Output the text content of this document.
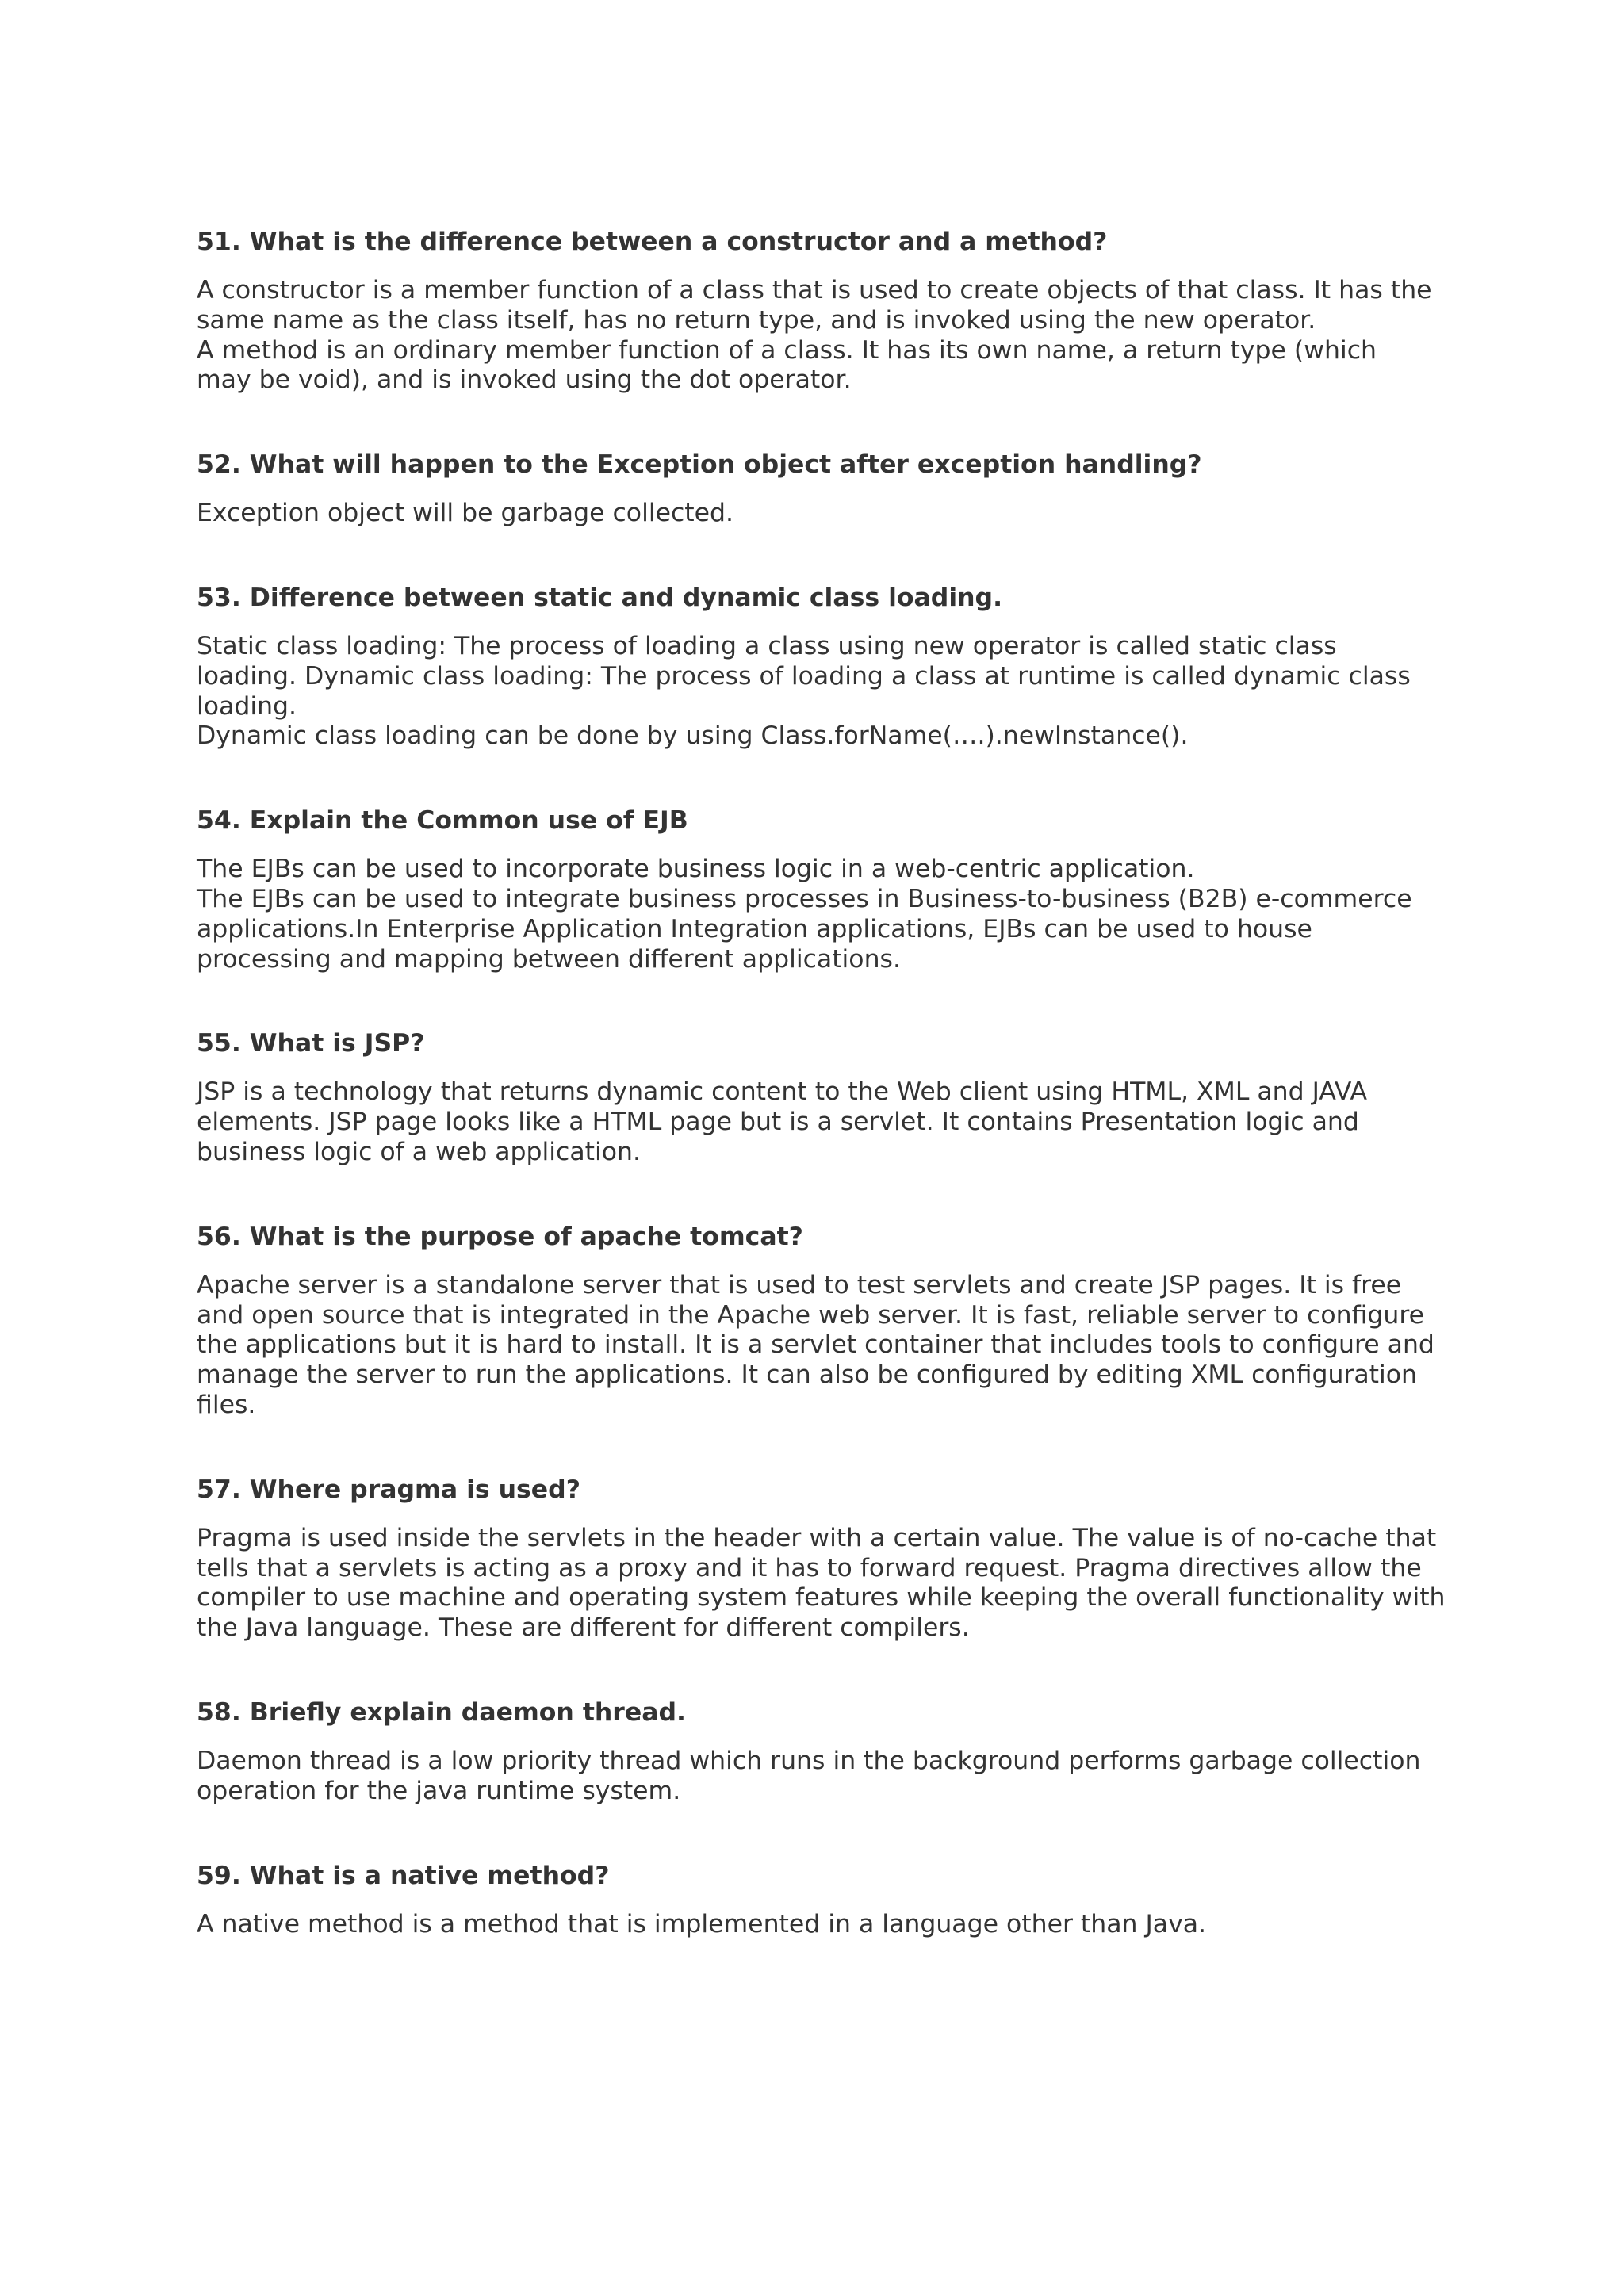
51. What is the difference between a constructor and a method?

A constructor is a member function of a class that is used to create objects of that class. It has the

same name as the class itself, has no return type, and is invoked using the new operator.

A method is an ordinary member function of a class. It has its own name, a return type (which

may be void), and is invoked using the dot operator.

52. What will happen to the Exception object after exception handling?

Exception object will be garbage collected.

53. Difference between static and dynamic class loading.

Static class loading: The process of loading a class using new operator is called static class

loading. Dynamic class loading: The process of loading a class at runtime is called dynamic class

loading.

Dynamic class loading can be done by using Class.forName(….).newInstance().

54. Explain the Common use of EJB

The EJBs can be used to incorporate business logic in a web-centric application.

The EJBs can be used to integrate business processes in Business-to-business (B2B) e-commerce

applications.In Enterprise Application Integration applications, EJBs can be used to house

processing and mapping between different applications.

55. What is JSP?

JSP is a technology that returns dynamic content to the Web client using HTML, XML and JAVA

elements. JSP page looks like a HTML page but is a servlet. It contains Presentation logic and

business logic of a web application.

56. What is the purpose of apache tomcat?

Apache server is a standalone server that is used to test servlets and create JSP pages. It is free

and open source that is integrated in the Apache web server. It is fast, reliable server to configure

the applications but it is hard to install. It is a servlet container that includes tools to configure and

manage the server to run the applications. It can also be configured by editing XML configuration

files.

57. Where pragma is used?

Pragma is used inside the servlets in the header with a certain value. The value is of no-cache that

tells that a servlets is acting as a proxy and it has to forward request. Pragma directives allow the

compiler to use machine and operating system features while keeping the overall functionality with

the Java language. These are different for different compilers.

58. Briefly explain daemon thread.

Daemon thread is a low priority thread which runs in the background performs garbage collection

operation for the java runtime system.

59. What is a native method?

A native method is a method that is implemented in a language other than Java.
